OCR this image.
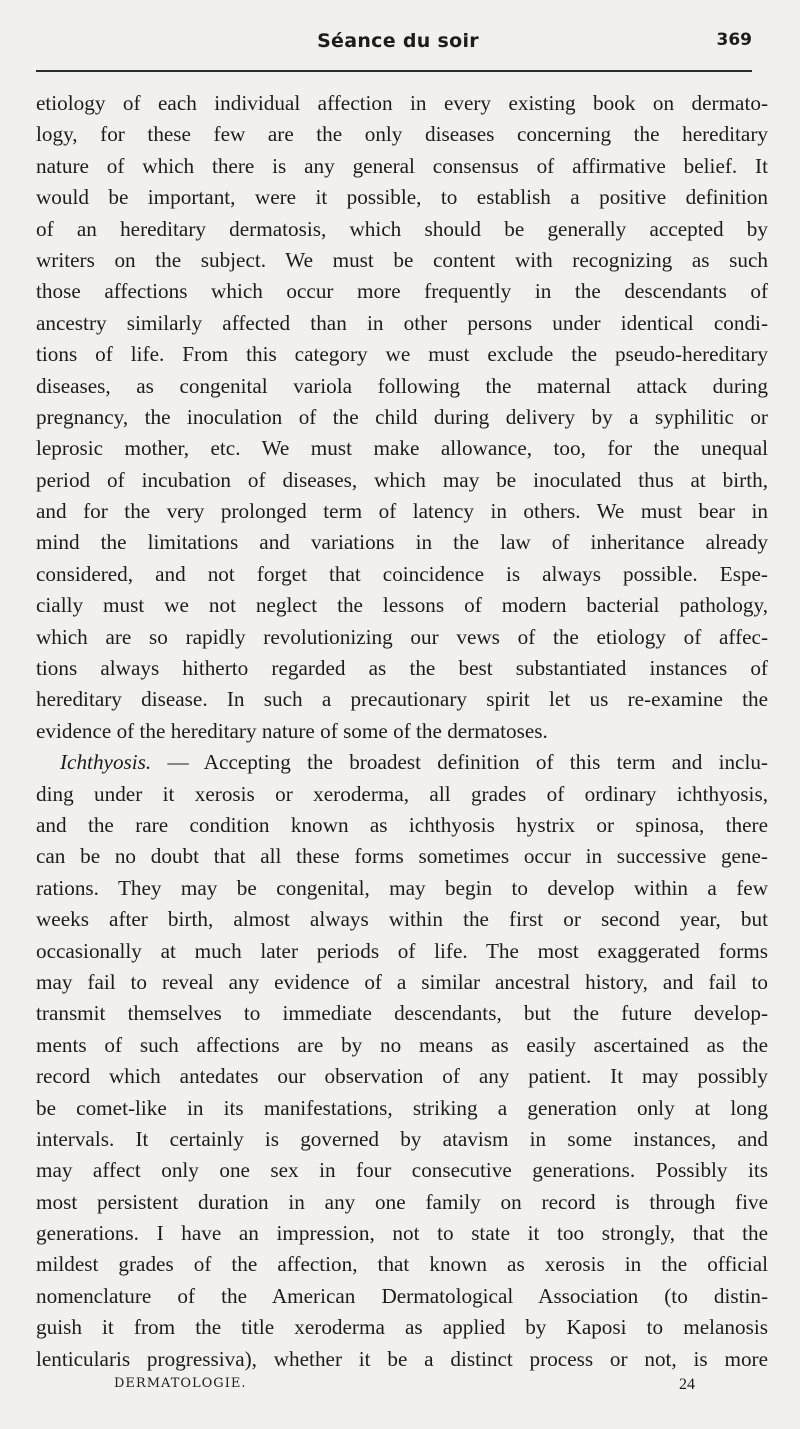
Séance du soir	369
etiology of each individual affection in every existing book on dermato-
logy, for these few are the only diseases concerning the hereditary
nature of which there is any general consensus of affirmative belief. It
would be important, were it possible, to establish a positive definition
of an hereditary dermatosis, which should be generally accepted by
writers on the subject. We must be content with recognizing as such
those affections which occur more frequently in the descendants of
ancestry similarly affected than in other persons under identical condi-
tions of life. From this category we must exclude the pseudo-hereditary
diseases, as congenital variola following the maternal attack during
pregnancy, the inoculation of the child during delivery by a syphilitic or
leprosic mother, etc. We must make allowance, too, for the unequal
period of incubation of diseases, which may be inoculated thus at birth,
and for the very prolonged term of latency in others. We must bear in
mind the limitations and variations in the law of inheritance already
considered, and not forget that coincidence is always possible. Espe-
cially must we not neglect the lessons of modern bacterial pathology,
which are so rapidly revolutionizing our vews of the etiology of affec-
tions always hitherto regarded as the best substantiated instances of
hereditary disease. In such a precautionary spirit let us re-examine the
evidence of the hereditary nature of some of the dermatoses.
Ichthyosis. — Accepting the broadest definition of this term and inclu-
ding under it xerosis or xeroderma, all grades of ordinary ichthyosis,
and the rare condition known as ichthyosis hystrix or spinosa, there
can be no doubt that all these forms sometimes occur in successive gene-
rations. They may be congenital, may begin to develop within a few
weeks after birth, almost always within the first or second year, but
occasionally at much later periods of life. The most exaggerated forms
may fail to reveal any evidence of a similar ancestral history, and fail to
transmit themselves to immediate descendants, but the future develop-
ments of such affections are by no means as easily ascertained as the
record which antedates our observation of any patient. It may possibly
be comet-like in its manifestations, striking a generation only at long
intervals. It certainly is governed by atavism in some instances, and
may affect only one sex in four consecutive generations. Possibly its
most persistent duration in any one family on record is through five
generations. I have an impression, not to state it too strongly, that the
mildest grades of the affection, that known as xerosis in the official
nomenclature of the American Dermatological Association (to distin-
guish it from the title xeroderma as applied by Kaposi to melanosis
lenticularis progressiva), whether it be a distinct process or not, is more
DERMATOLOGIE.	24
